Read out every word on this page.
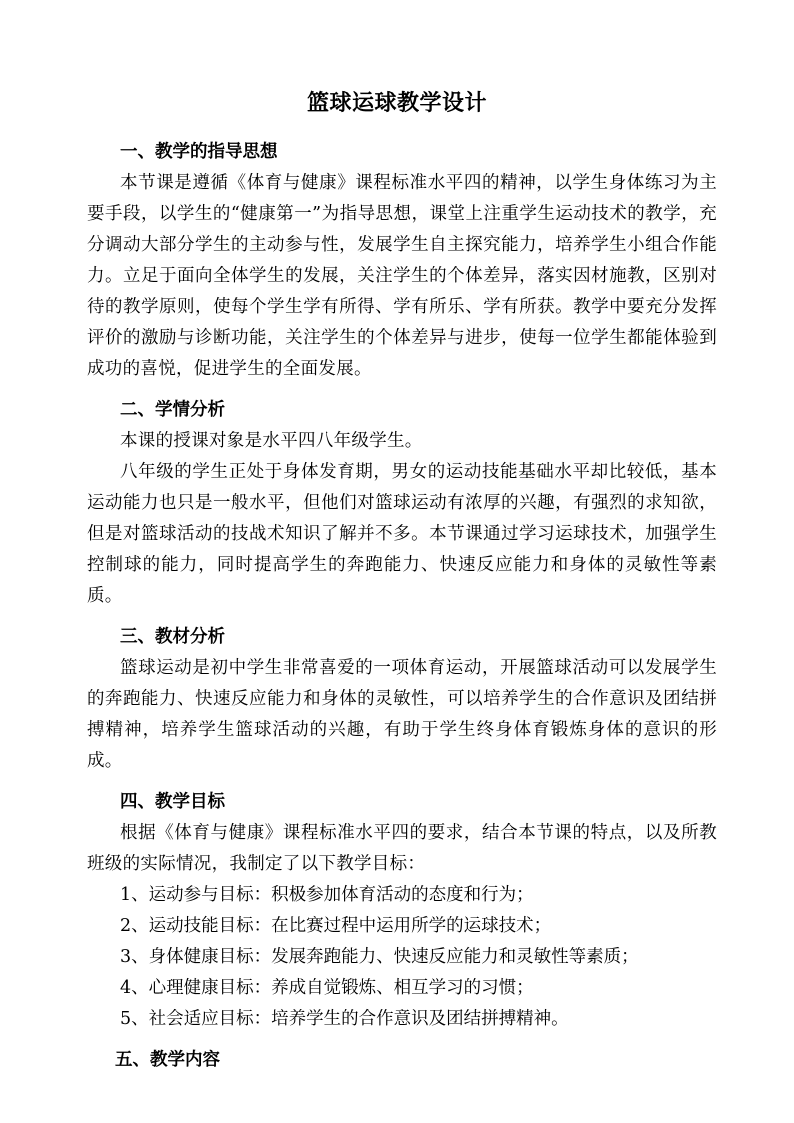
篮球运球教学设计
一、教学的指导思想

本节课是遵循《体育与健康》课程标准水平四的精神，以学生身体练习为主要手段，以学生的“健康第一”为指导思想，课堂上注重学生运动技术的教学，充分调动大部分学生的主动参与性，发展学生自主探究能力，培养学生小组合作能力。立足于面向全体学生的发展，关注学生的个体差异，落实因材施教，区别对待的教学原则，使每个学生学有所得、学有所乐、学有所获。教学中要充分发挥评价的激励与诊断功能，关注学生的个体差异与进步，使每一位学生都能体验到成功的喜悦，促进学生的全面发展。

二、学情分析

本课的授课对象是水平四八年级学生。

八年级的学生正处于身体发育期，男女的运动技能基础水平却比较低，基本运动能力也只是一般水平，但他们对篮球运动有浓厚的兴趣，有强烈的求知欲，但是对篮球活动的技战术知识了解并不多。本节课通过学习运球技术，加强学生控制球的能力，同时提高学生的奔跑能力、快速反应能力和身体的灵敏性等素质。

三、教材分析

篮球运动是初中学生非常喜爱的一项体育运动，开展篮球活动可以发展学生的奔跑能力、快速反应能力和身体的灵敏性，可以培养学生的合作意识及团结拼搏精神，培养学生篮球活动的兴趣，有助于学生终身体育锻炼身体的意识的形成。

四、教学目标

根据《体育与健康》课程标准水平四的要求，结合本节课的特点，以及所教班级的实际情况，我制定了以下教学目标：

1、运动参与目标：积极参加体育活动的态度和行为；
2、运动技能目标：在比赛过程中运用所学的运球技术；
3、身体健康目标：发展奔跑能力、快速反应能力和灵敏性等素质；
4、心理健康目标：养成自觉锻炼、相互学习的习惯；
5、社会适应目标：培养学生的合作意识及团结拼搏精神。
五、教学内容
